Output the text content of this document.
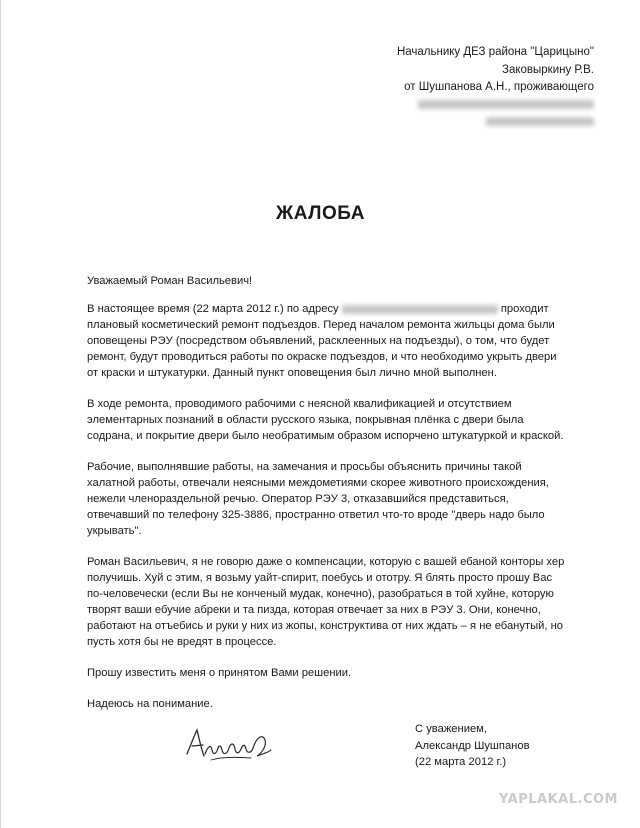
Начальнику ДЕЗ района "Царицыно"
Заковыркину Р.В.
от Шушпанова А.Н., проживающего
ЖАЛОБА

Уважаемый Роман Васильевич!

В настоящее время (22 марта 2012 г.) по адресу	проходит плановый косметический ремонт подъездов. Перед началом ремонта жильцы дома были оповещены РЭУ (посредством объявлений, расклеенных на подъезды), о том, что будет ремонт, будут проводиться работы по окраске подъездов, и что необходимо укрыть двери от краски и штукатурки. Данный пункт оповещения был лично мной выполнен.

В ходе ремонта, проводимого рабочими с неясной квалификацией и отсутствием элементарных познаний в области русского языка, покрывная плёнка с двери была содрана, и покрытие двери было необратимым образом испорчено штукатуркой и краской.

Рабочие, выполнявшие работы, на замечания и просьбы объяснить причины такой халатной работы, отвечали неясными междометиями скорее животного происхождения, нежели членораздельной речью. Оператор РЭУ 3, отказавшийся представиться, отвечавший по телефону 325-3886, пространно ответил что-то вроде "дверь надо было укрывать".

Роман Васильевич, я не говорю даже о компенсации, которую с вашей ебаной конторы хер получишь. Хуй с этим, я возьму уайт-спирит, поебусь и ототру. Я блять просто прошу Вас по-человечески (если Вы не конченый мудак, конечно), разобраться в той хуйне, которую творят ваши ебучие абреки и та пизда, которая отвечает за них в РЭУ 3. Они, конечно, работают на отъебись и руки у них из жопы, конструктива от них ждать – я не ебанутый, но пусть хотя бы не вредят в процессе.

Прошу известить меня о принятом Вами решении.

Надеюсь на понимание.

С уважением,
Александр Шушпанов
(22 марта 2012 г.)
YAPLAKAL.COM
